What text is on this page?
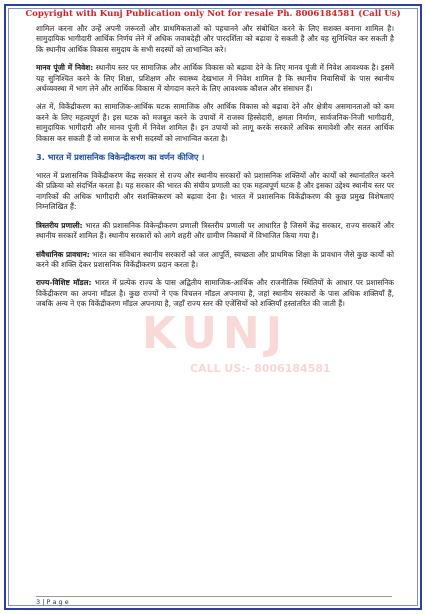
Copyright with Kunj Publication only Not for resale Ph. 8006184581 (Call Us)
KUNJ
CALL US:- 8006184581

शामिल करना और उन्हें अपनी जरूरतों और प्राथमिकताओं को पहचानने और संबोधित करने के लिए सशक्त बनाना शामिल है। सामुदायिक भागीदारी आर्थिक निर्णय लेने में अधिक जवाबदेही और पारदर्शिता को बढ़ावा दे सकती है और यह सुनिश्चित कर सकती है कि स्थानीय आर्थिक विकास समुदाय के सभी सदस्यों को लाभान्वित करे।

मानव पूंजी में निवेश: स्थानीय स्तर पर सामाजिक और आर्थिक विकास को बढ़ावा देने के लिए मानव पूंजी में निवेश आवश्यक है। इसमें यह सुनिश्चित करने के लिए शिक्षा, प्रशिक्षण और स्वास्थ्य देखभाल में निवेश शामिल है कि स्थानीय निवासियों के पास स्थानीय अर्थव्यवस्था में भाग लेने और आर्थिक विकास में योगदान करने के लिए आवश्यक कौशल और संसाधन हैं।

अंत में, विकेंद्रीकरण का सामाजिक-आर्थिक घटक सामाजिक और आर्थिक विकास को बढ़ावा देने और क्षेत्रीय असमानताओं को कम करने के लिए महत्वपूर्ण है। इस घटक को मजबूत करने के उपायों में राजस्व हिस्सेदारी, क्षमता निर्माण, सार्वजनिक-निजी भागीदारी, सामुदायिक भागीदारी और मानव पूंजी में निवेश शामिल हैं। इन उपायों को लागू करके सरकारें अधिक समावेशी और सतत आर्थिक विकास कर सकती हैं जो समाज के सभी सदस्यों को लाभान्वित करता है।

3. भारत में प्रशासनिक विकेन्द्रीकरण का वर्णन कीजिए ।

भारत में प्रशासनिक विकेंद्रीकरण केंद्र सरकार से राज्य और स्थानीय सरकारों को प्रशासनिक शक्तियों और कार्यों को स्थानांतरित करने की प्रक्रिया को संदर्भित करता है। यह सरकार की भारत की संघीय प्रणाली का एक महत्वपूर्ण घटक है और इसका उद्देश्य स्थानीय स्तर पर नागरिकों की अधिक भागीदारी और सशक्तिकरण को बढ़ावा देना है। भारत में प्रशासनिक विकेंद्रीकरण की कुछ प्रमुख विशेषताएं निम्नलिखित हैं:

त्रिस्तरीय प्रणाली: भारत की प्रशासनिक विकेन्द्रीकरण प्रणाली त्रिस्तरीय प्रणाली पर आधारित है जिसमें केंद्र सरकार, राज्य सरकारें और स्थानीय सरकारें शामिल हैं। स्थानीय सरकारों को आगे शहरी और ग्रामीण निकायों में विभाजित किया गया है।

संवैधानिक प्रावधान: भारत का संविधान स्थानीय सरकारों को जल आपूर्ति, स्वच्छता और प्राथमिक शिक्षा के प्रावधान जैसे कुछ कार्यों को करने की शक्ति देकर प्रशासनिक विकेंद्रीकरण प्रदान करता है।

राज्य-विशिष्ट मॉडल: भारत में प्रत्येक राज्य के पास अद्वितीय सामाजिक-आर्थिक और राजनीतिक स्थितियों के आधार पर प्रशासनिक विकेंद्रीकरण का अपना मॉडल है। कुछ राज्यों ने एक विचलन मॉडल अपनाया है, जहां स्थानीय सरकारों के पास अधिक शक्तियाँ हैं, जबकि अन्य ने एक विकेंद्रीकरण मॉडल अपनाया है, जहाँ राज्य स्तर की एजेंसियों को शक्तियाँ हस्तांतरित की जाती हैं।

3 | P a g e
